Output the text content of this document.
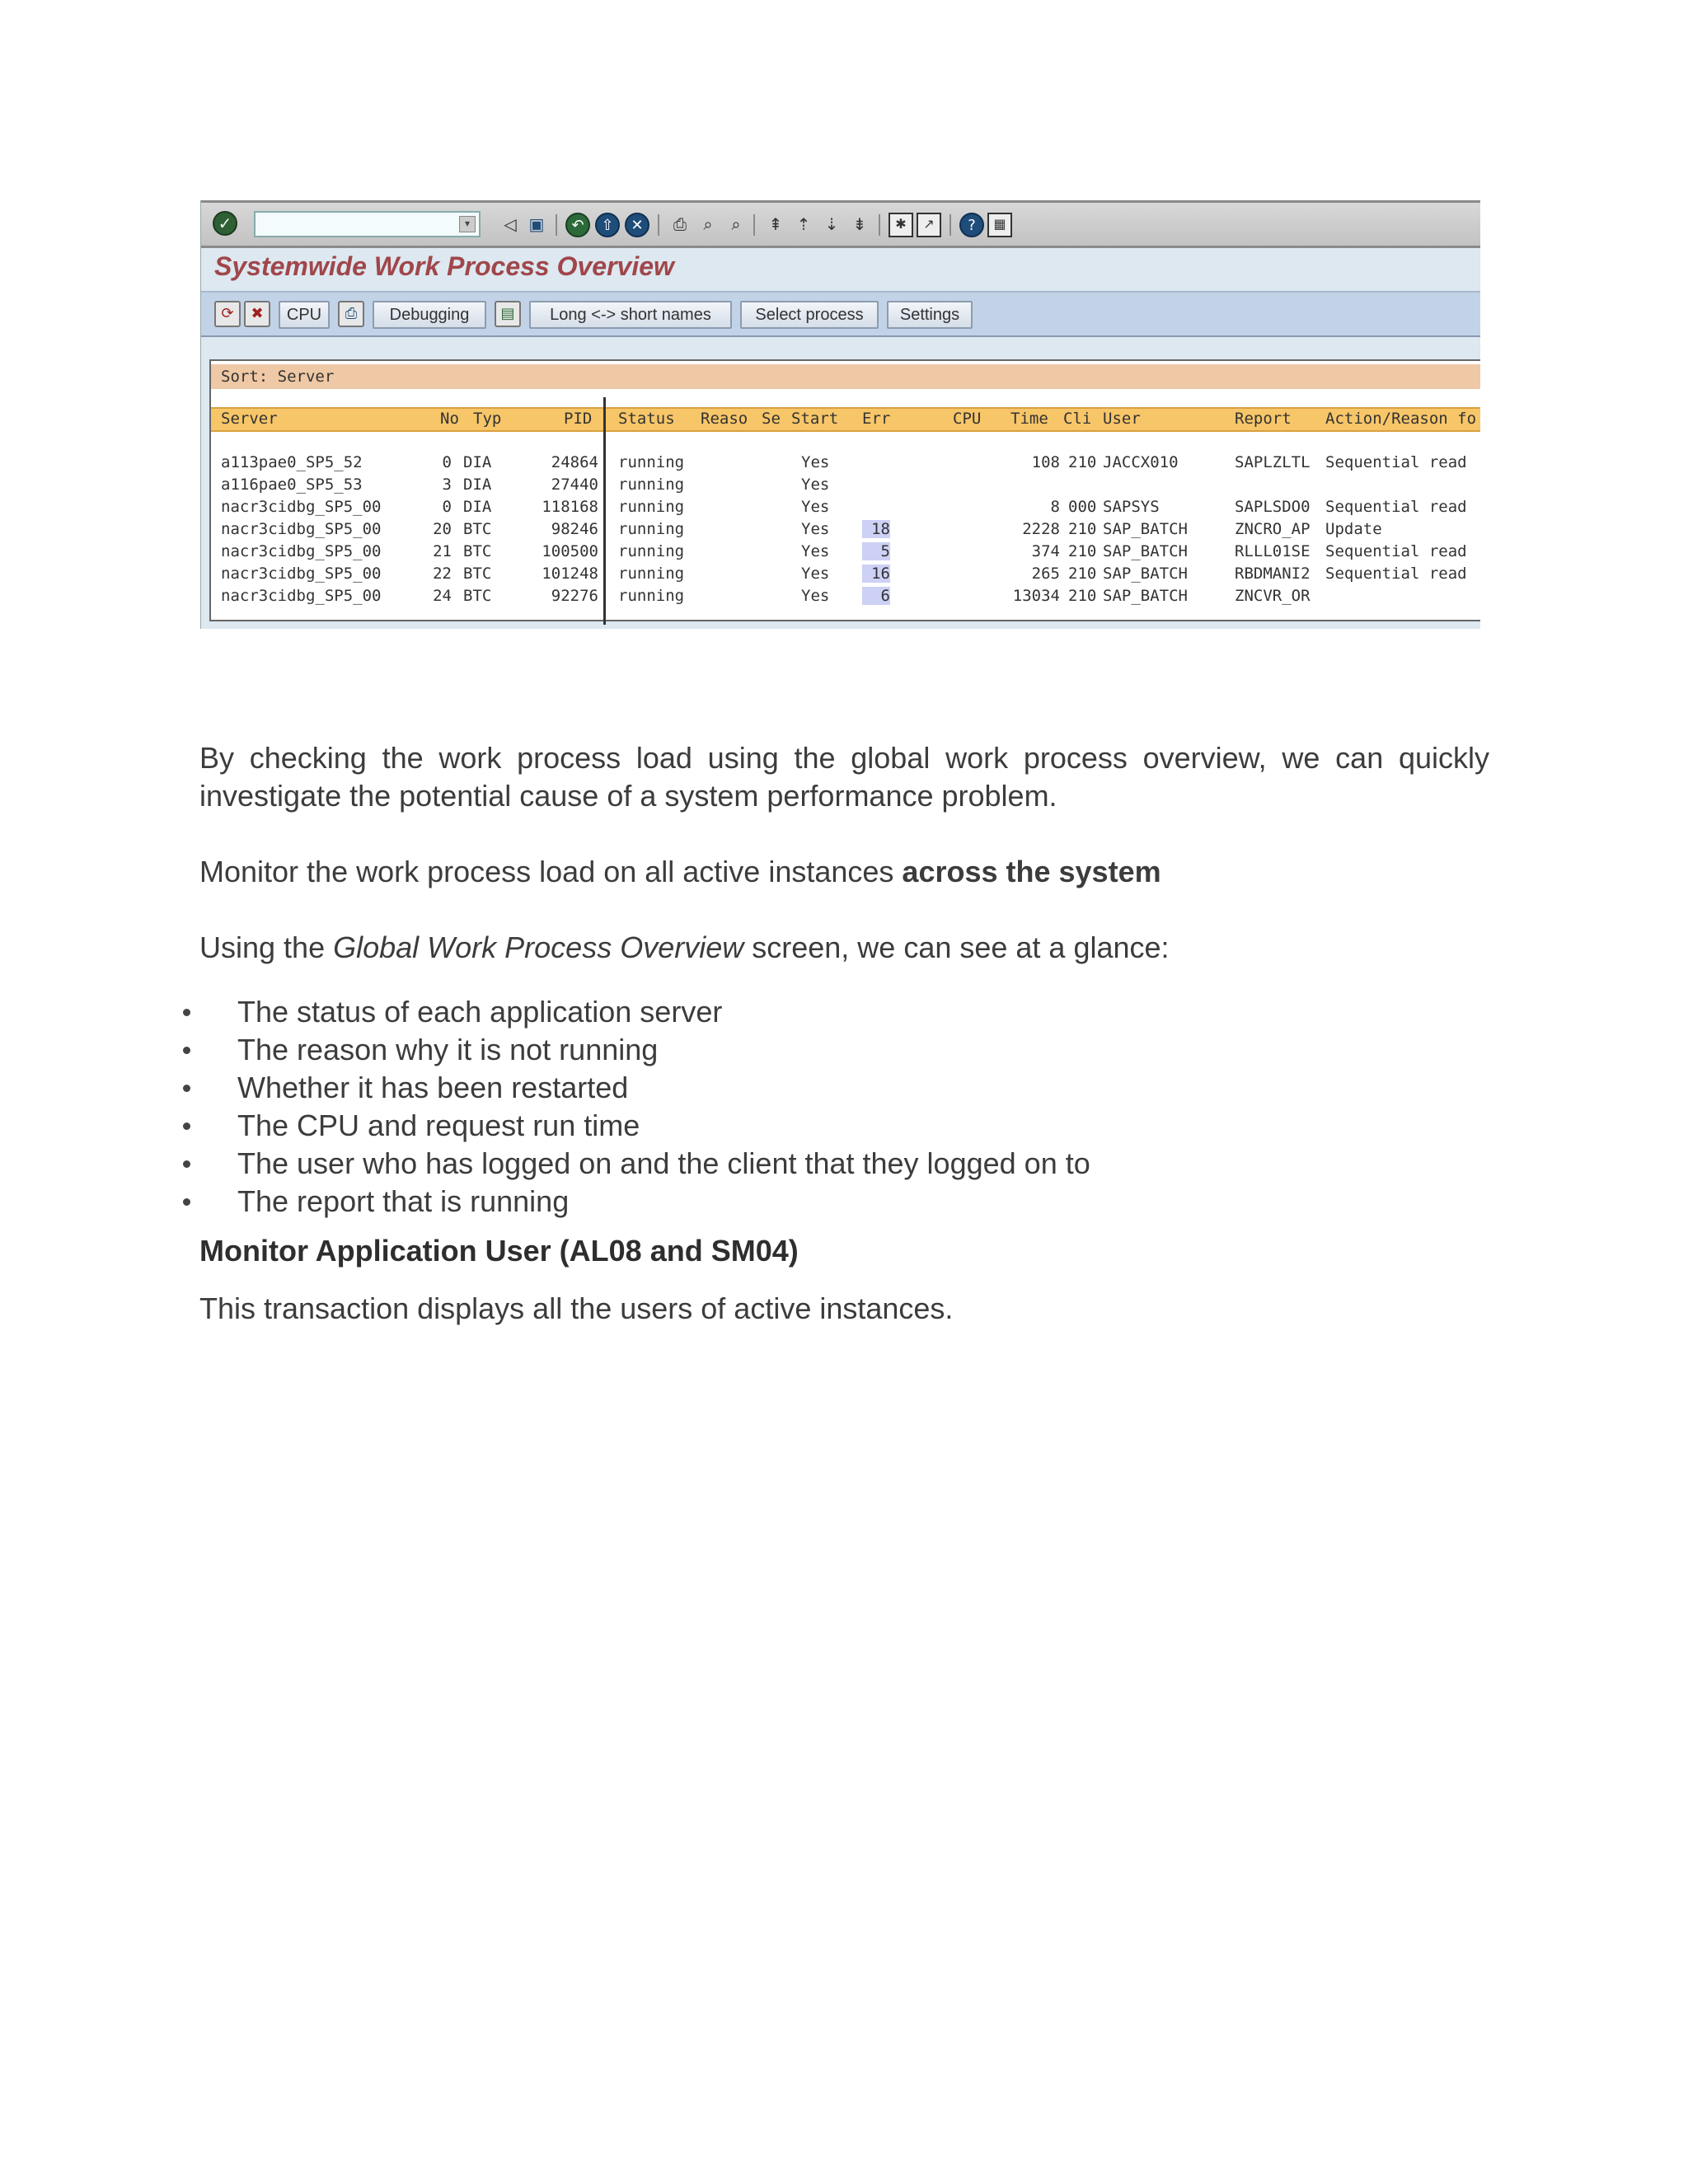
✓	▾	◁ ▣	↶	⇧	✕	⎙	⌕	⌕	⇞ ⇡ ⇣ ⇟	✱	↗	?	▦
Systemwide Work Process Overview
⟳	✖	CPU	⎙	Debugging	▤	Long <-> short names	Select process	Settings
Sort: Server
Server	No Typ	PID Status Reaso Se Start Err	CPU Time Cli User	Report Action/Reason fo
a113pae0_SP5_52	0 DIA	24864 running	Yes	108 210 JACCX010	SAPLZLTL Sequential read
a116pae0_SP5_53	3 DIA	27440 running	Yes
nacr3cidbg_SP5_00	0 DIA	118168 running	Yes	8 000 SAPSYS	SAPLSDO0 Sequential read
nacr3cidbg_SP5_00	20 BTC	98246 running	Yes	18	2228 210 SAP_BATCH	ZNCRO_AP Update
nacr3cidbg_SP5_00	21 BTC	100500 running	Yes	5	374 210 SAP_BATCH	RLLL01SE Sequential read
nacr3cidbg_SP5_00	22 BTC	101248 running	Yes	16	265 210 SAP_BATCH	RBDMANI2 Sequential read
nacr3cidbg_SP5_00	24 BTC	92276 running	Yes	6	13034 210 SAP_BATCH	ZNCVR_OR

By checking the work process load using the global work process overview, we can quickly investigate the potential cause of a system performance problem.

Monitor the work process load on all active instances across the system

Using the Global Work Process Overview screen, we can see at a glance:

The status of each application server
The reason why it is not running
Whether it has been restarted
The CPU and request run time
The user who has logged on and the client that they logged on to
The report that is running
Monitor Application User (AL08 and SM04)

This transaction displays all the users of active instances.
